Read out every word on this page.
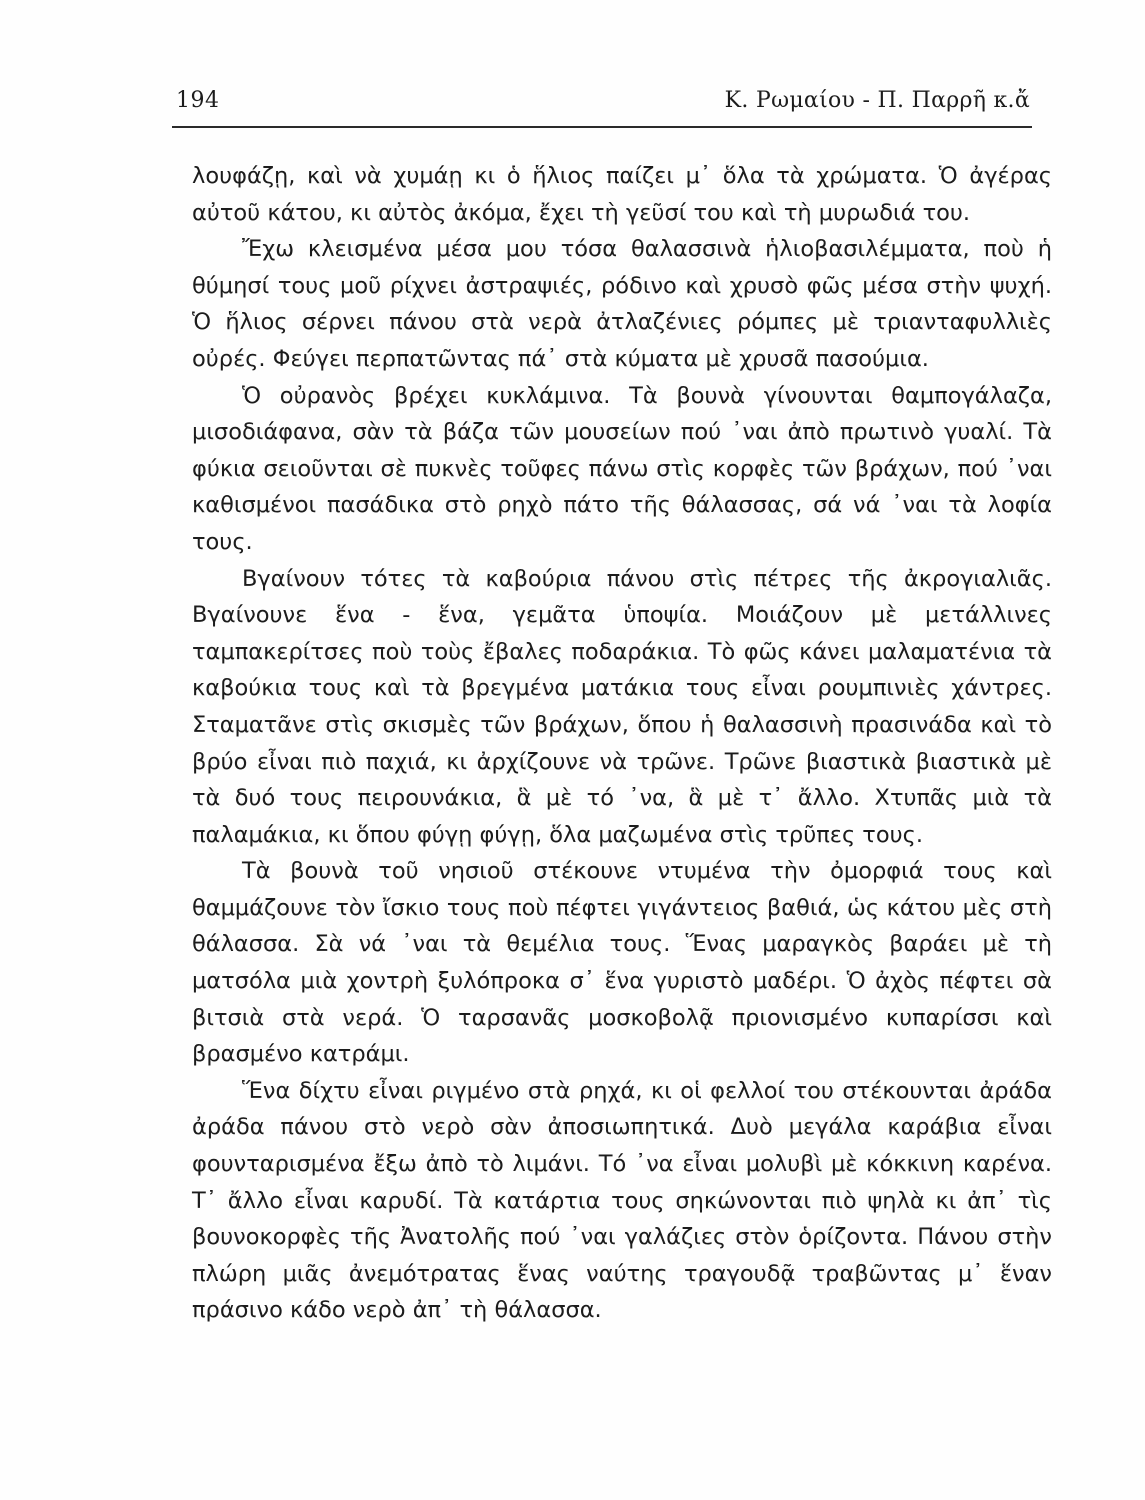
194	Κ. Ρωμαίου - Π. Παρρῆ κ.ἄ

λουφάζῃ, καὶ νὰ χυμάῃ κι ὁ ἥλιος παίζει μ᾽ ὅλα τὰ χρώματα. Ὁ ἀγέρας αὐτοῦ κάτου, κι αὐτὸς ἀκόμα, ἔχει τὴ γεῦσί του καὶ τὴ μυρωδιά του.

Ἔχω κλεισμένα μέσα μου τόσα θαλασσινὰ ἡλιοβασιλέμματα, ποὺ ἡ θύμησί τους μοῦ ρίχνει ἀστραψιές, ρόδινο καὶ χρυσὸ φῶς μέσα στὴν ψυχή. Ὁ ἥλιος σέρνει πάνου στὰ νερὰ ἀτλαζένιες ρόμπες μὲ τριανταφυλλιὲς οὐρές. Φεύγει περπατῶντας πά᾽ στὰ κύματα μὲ χρυσᾶ πασούμια.

Ὁ οὐρανὸς βρέχει κυκλάμινα. Τὰ βουνὰ γίνουνται θαμπογάλαζα, μισοδιάφανα, σὰν τὰ βάζα τῶν μουσείων πού ᾽ναι ἀπὸ πρωτινὸ γυαλί. Τὰ φύκια σειοῦνται σὲ πυκνὲς τοῦφες πάνω στὶς κορφὲς τῶν βράχων, πού ᾽ναι καθισμένοι πασάδικα στὸ ρηχὸ πάτο τῆς θάλασσας, σά νά ᾽ναι τὰ λοφία τους.

Βγαίνουν τότες τὰ καβούρια πάνου στὶς πέτρες τῆς ἀκρογιαλιᾶς. Βγαίνουνε ἕνα - ἕνα, γεμᾶτα ὑποψία. Μοιάζουν μὲ μετάλλινες ταμπακερίτσες ποὺ τοὺς ἔβαλες ποδαράκια. Τὸ φῶς κάνει μαλαματένια τὰ καβούκια τους καὶ τὰ βρεγμένα ματάκια τους εἶναι ρουμπινιὲς χάντρες. Σταματᾶνε στὶς σκισμὲς τῶν βράχων, ὅπου ἡ θαλασσινὴ πρασινάδα καὶ τὸ βρύο εἶναι πιὸ παχιά, κι ἀρχίζουνε νὰ τρῶνε. Τρῶνε βιαστικὰ βιαστικὰ μὲ τὰ δυό τους πειρουνάκια, ἃ μὲ τό ᾽να, ἃ μὲ τ᾽ ἄλλο. Χτυπᾶς μιὰ τὰ παλαμάκια, κι ὅπου φύγῃ φύγῃ, ὅλα μαζωμένα στὶς τρῦπες τους.

Τὰ βουνὰ τοῦ νησιοῦ στέκουνε ντυμένα τὴν ὀμορφιά τους καὶ θαμμάζουνε τὸν ἴσκιο τους ποὺ πέφτει γιγάντειος βαθιά, ὡς κάτου μὲς στὴ θάλασσα. Σὰ νά ᾽ναι τὰ θεμέλια τους. Ἕνας μαραγκὸς βαράει μὲ τὴ ματσόλα μιὰ χοντρὴ ξυλόπροκα σ᾽ ἕνα γυριστὸ μαδέρι. Ὁ ἀχὸς πέφτει σὰ βιτσιὰ στὰ νερά. Ὁ ταρσανᾶς μοσκοβολᾷ πριονισμένο κυπαρίσσι καὶ βρασμένο κατράμι.

Ἕνα δίχτυ εἶναι ριγμένο στὰ ρηχά, κι οἱ φελλοί του στέκουνται ἀράδα ἀράδα πάνου στὸ νερὸ σὰν ἀποσιωπητικά. Δυὸ μεγάλα καράβια εἶναι φουνταρισμένα ἔξω ἀπὸ τὸ λιμάνι. Τό ᾽να εἶναι μολυβὶ μὲ κόκκινη καρένα. Τ᾽ ἄλλο εἶναι καρυδί. Τὰ κατάρτια τους σηκώνονται πιὸ ψηλὰ κι ἀπ᾽ τὶς βουνοκορφὲς τῆς Ἀνατολῆς πού ᾽ναι γαλάζιες στὸν ὁρίζοντα. Πάνου στὴν πλώρη μιᾶς ἀνεμότρατας ἕνας ναύτης τραγουδᾷ τραβῶντας μ᾽ ἕναν πράσινο κάδο νερὸ ἀπ᾽ τὴ θάλασσα.
